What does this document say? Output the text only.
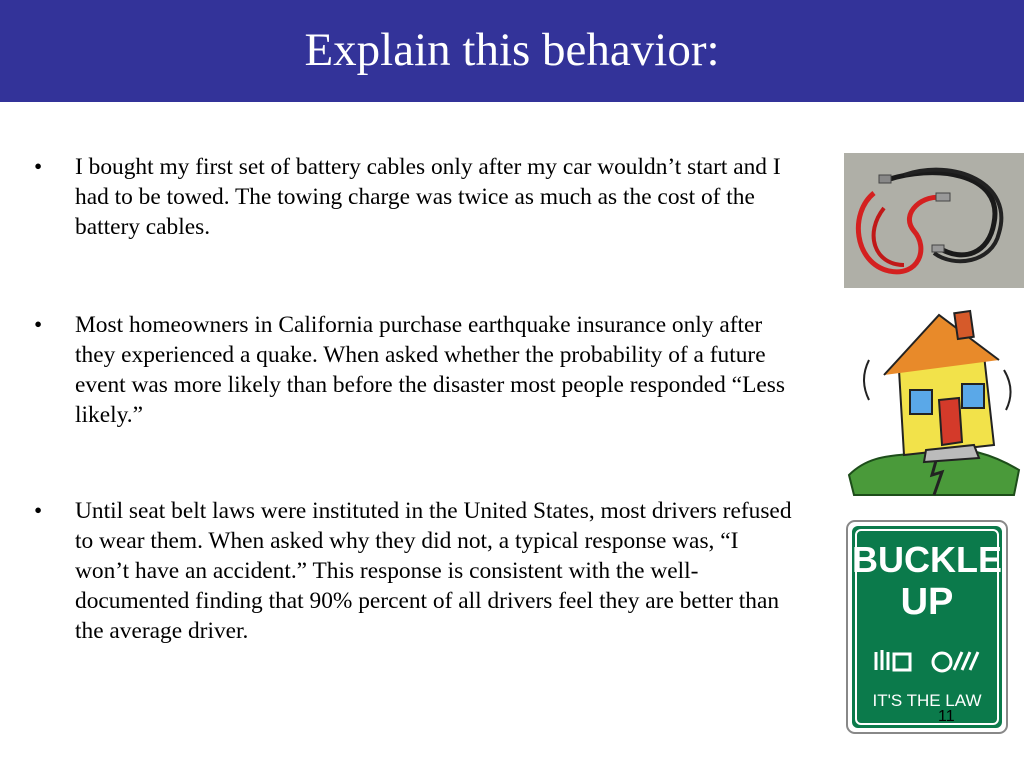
Explain this behavior:
• I bought my first set of battery cables only after my car wouldn’t start and I had to be towed. The towing charge was twice as much as the cost of the battery cables.
• Most homeowners in California purchase earthquake insurance only after they experienced a quake. When asked whether the probability of a future event was more likely than before the disaster most people responded “Less likely.”
• Until seat belt laws were instituted in the United States, most drivers refused to wear them. When asked why they did not, a typical response was, “I won’t have an accident.” This response is consistent with the well-documented finding that 90% percent of all drivers feel they are better than the average driver.
BUCKLE
UP
IT'S THE LAW
11
